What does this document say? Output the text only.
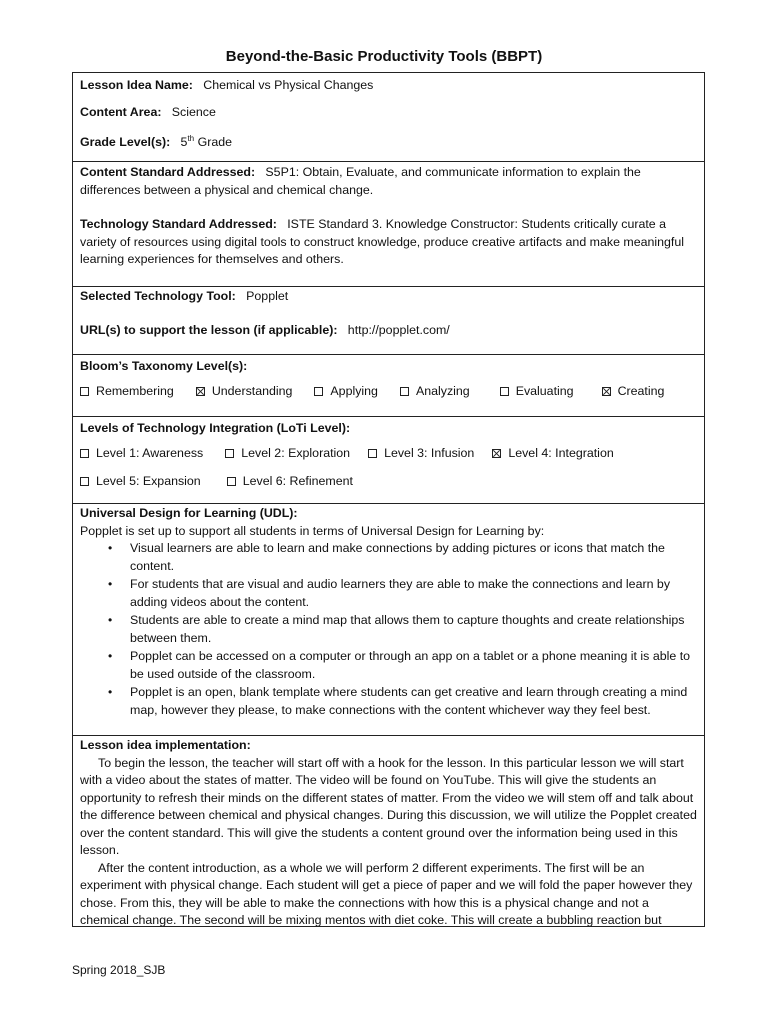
Beyond-the-Basic Productivity Tools (BBPT)

Lesson Idea Name: Chemical vs Physical Changes

Content Area: Science

Grade Level(s): 5th Grade

Content Standard Addressed: S5P1: Obtain, Evaluate, and communicate information to explain the differences between a physical and chemical change.

Technology Standard Addressed: ISTE Standard 3. Knowledge Constructor: Students critically curate a variety of resources using digital tools to construct knowledge, produce creative artifacts and make meaningful learning experiences for themselves and others.

Selected Technology Tool: Popplet

URL(s) to support the lesson (if applicable): http://popplet.com/

Bloom’s Taxonomy Level(s):

Remembering	Understanding	Applying	Analyzing	Evaluating	Creating

Levels of Technology Integration (LoTi Level):

Level 1: Awareness	Level 2: Exploration	Level 3: Infusion	Level 4: Integration
Level 5: Expansion	Level 6: Refinement

Universal Design for Learning (UDL):

Popplet is set up to support all students in terms of Universal Design for Learning by:

• Visual learners are able to learn and make connections by adding pictures or icons that match the content.
• For students that are visual and audio learners they are able to make the connections and learn by adding videos about the content.
• Students are able to create a mind map that allows them to capture thoughts and create relationships between them.
• Popplet can be accessed on a computer or through an app on a tablet or a phone meaning it is able to be used outside of the classroom.
• Popplet is an open, blank template where students can get creative and learn through creating a mind map, however they please, to make connections with the content whichever way they feel best.

Lesson idea implementation:

To begin the lesson, the teacher will start off with a hook for the lesson. In this particular lesson we will start with a video about the states of matter. The video will be found on YouTube. This will give the students an opportunity to refresh their minds on the different states of matter. From the video we will stem off and talk about the difference between chemical and physical changes. During this discussion, we will utilize the Popplet created over the content standard. This will give the students a content ground over the information being used in this lesson.

After the content introduction, as a whole we will perform 2 different experiments. The first will be an experiment with physical change. Each student will get a piece of paper and we will fold the paper however they chose. From this, they will be able to make the connections with how this is a physical change and not a chemical change. The second will be mixing mentos with diet coke. This will create a bubbling reaction but

Spring 2018_SJB
